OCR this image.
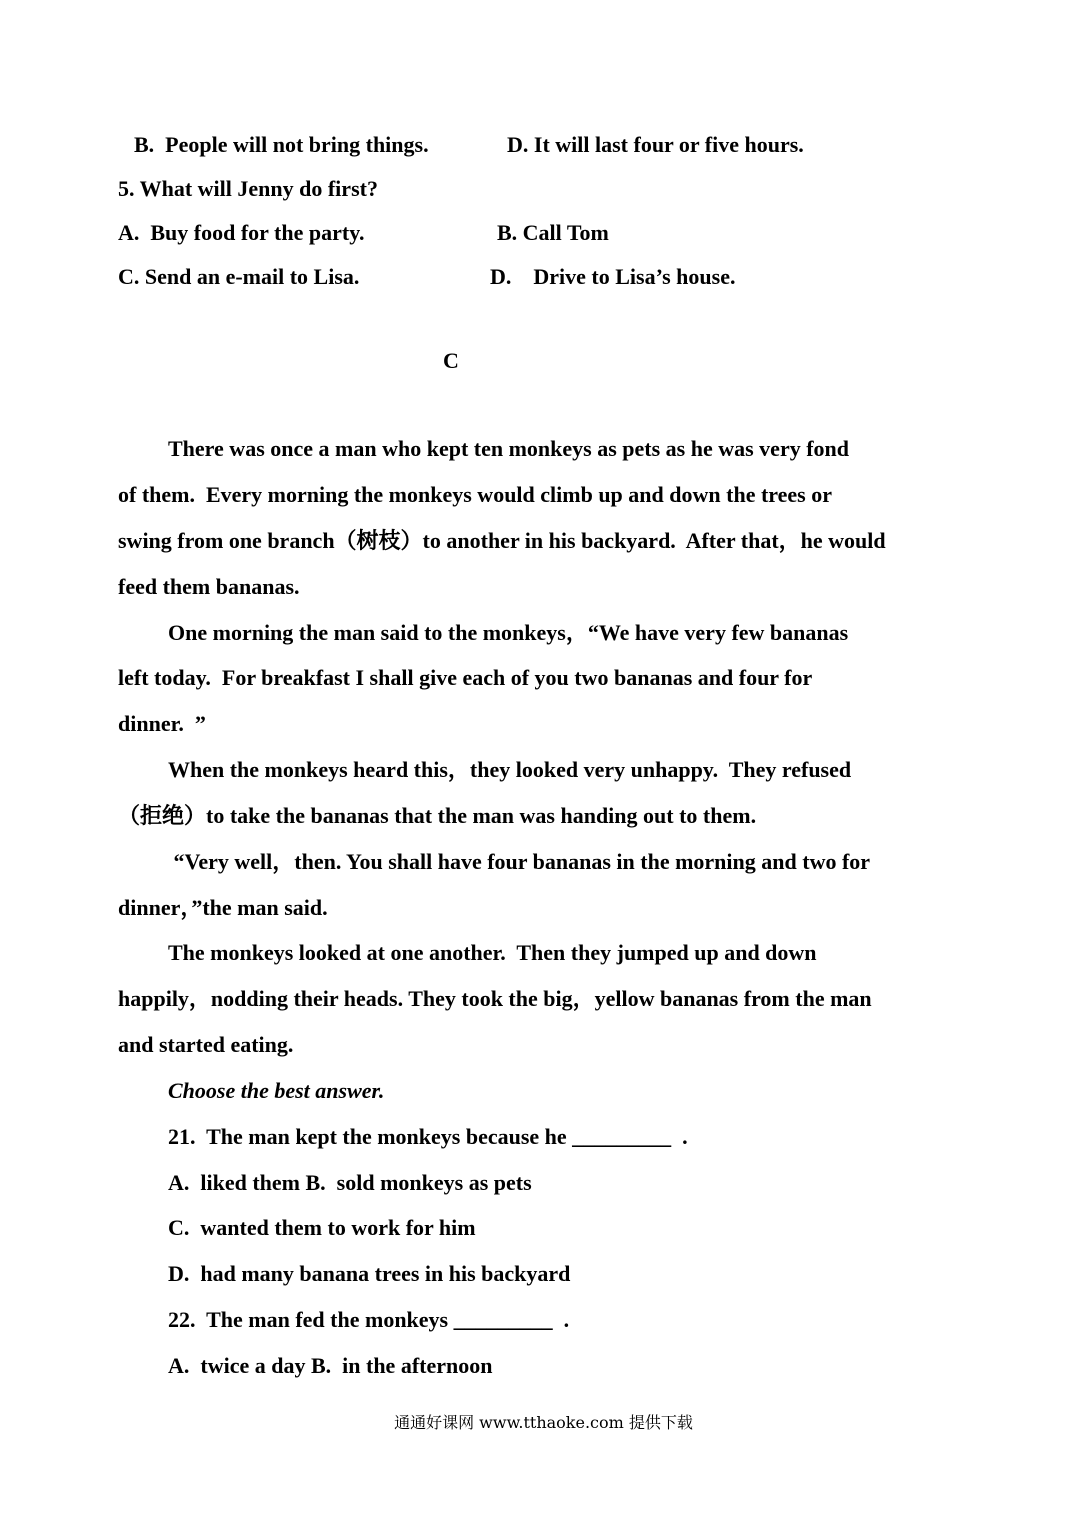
B.  People will not bring things.	D. It will last four or five hours.
5. What will Jenny do first?
A.  Buy food for the party.	B. Call Tom
C. Send an e-mail to Lisa.	D.    Drive to Lisa’s house.
C
There was once a man who kept ten monkeys as pets as he was very fond
of them.  Every morning the monkeys would climb up and down the trees or
swing from one branch（树枝）to another in his backyard.  After that，he would
feed them bananas.
One morning the man said to the monkeys，“We have very few bananas
left today.  For breakfast I shall give each of you two bananas and four for
dinner.  ”
When the monkeys heard this，they looked very unhappy.  They refused
（拒绝）to take the bananas that the man was handing out to them.
“Very well，then. You shall have four bananas in the morning and two for
dinner，”the man said.
The monkeys looked at one another.  Then they jumped up and down
happily，nodding their heads. They took the big，yellow bananas from the man
and started eating.
Choose the best answer.
21.  The man kept the monkeys because he _________  .
A.  liked them B.  sold monkeys as pets
C.  wanted them to work for him
D.  had many banana trees in his backyard
22.  The man fed the monkeys _________  .
A.  twice a day B.  in the afternoon
通通好课网 www.tthaoke.com 提供下载
